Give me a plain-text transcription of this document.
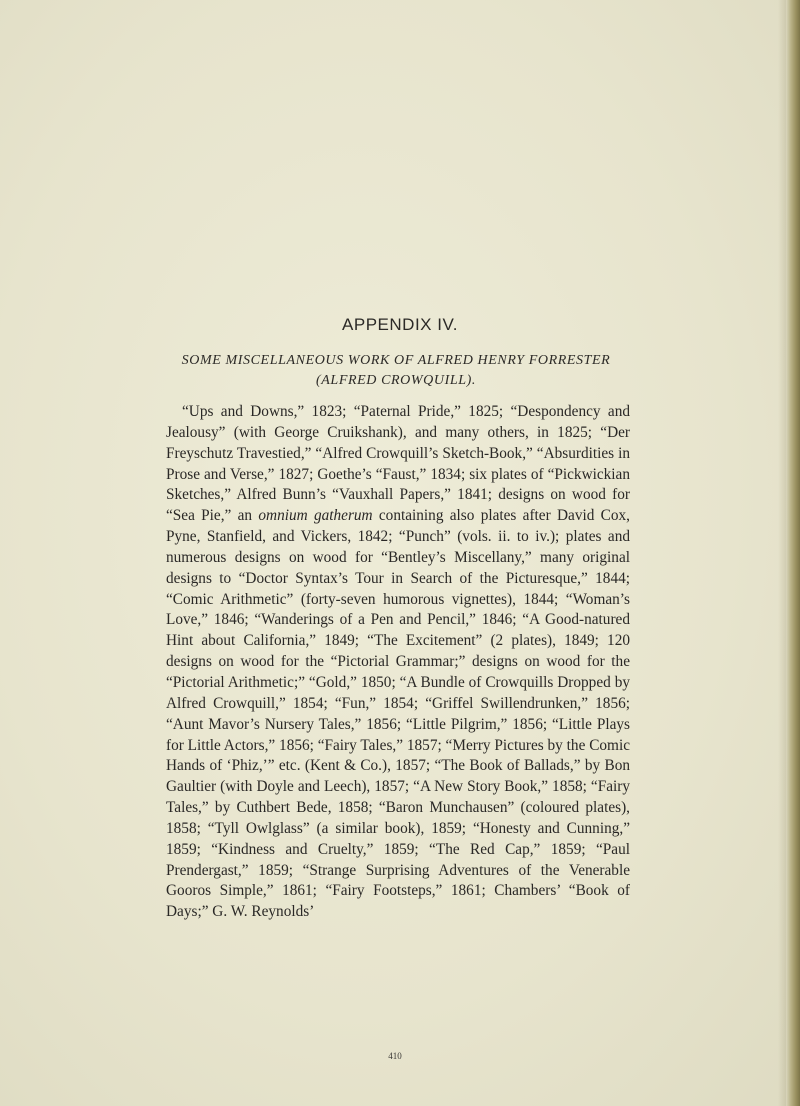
APPENDIX IV.
SOME MISCELLANEOUS WORK OF ALFRED HENRY FORRESTER (ALFRED CROWQUILL).

“Ups and Downs,” 1823; “Paternal Pride,” 1825; “Despondency and Jealousy” (with George Cruikshank), and many others, in 1825; “Der Freyschutz Travestied,” “Alfred Crowquill’s Sketch-Book,” “Absurdities in Prose and Verse,” 1827; Goethe’s “Faust,” 1834; six plates of “Pickwickian Sketches,” Alfred Bunn’s “Vauxhall Papers,” 1841; designs on wood for “Sea Pie,” an omnium gatherum containing also plates after David Cox, Pyne, Stanfield, and Vickers, 1842; “Punch” (vols. ii. to iv.); plates and numerous designs on wood for “Bentley’s Miscellany,” many original designs to “Doctor Syntax’s Tour in Search of the Picturesque,” 1844; “Comic Arithmetic” (forty-seven humorous vignettes), 1844; “Woman’s Love,” 1846; “Wanderings of a Pen and Pencil,” 1846; “A Good-natured Hint about California,” 1849; “The Excitement” (2 plates), 1849; 120 designs on wood for the “Pictorial Grammar;” designs on wood for the “Pictorial Arithmetic;” “Gold,” 1850; “A Bundle of Crowquills Dropped by Alfred Crowquill,” 1854; “Fun,” 1854; “Griffel Swillendrunken,” 1856; “Aunt Mavor’s Nursery Tales,” 1856; “Little Pilgrim,” 1856; “Little Plays for Little Actors,” 1856; “Fairy Tales,” 1857; “Merry Pictures by the Comic Hands of ‘Phiz,’” etc. (Kent & Co.), 1857; “The Book of Ballads,” by Bon Gaultier (with Doyle and Leech), 1857; “A New Story Book,” 1858; “Fairy Tales,” by Cuthbert Bede, 1858; “Baron Munchausen” (coloured plates), 1858; “Tyll Owlglass” (a similar book), 1859; “Honesty and Cunning,” 1859; “Kindness and Cruelty,” 1859; “The Red Cap,” 1859; “Paul Prendergast,” 1859; “Strange Surprising Adventures of the Venerable Gooros Simple,” 1861; “Fairy Footsteps,” 1861; Chambers’ “Book of Days;” G. W. Reynolds’

410
